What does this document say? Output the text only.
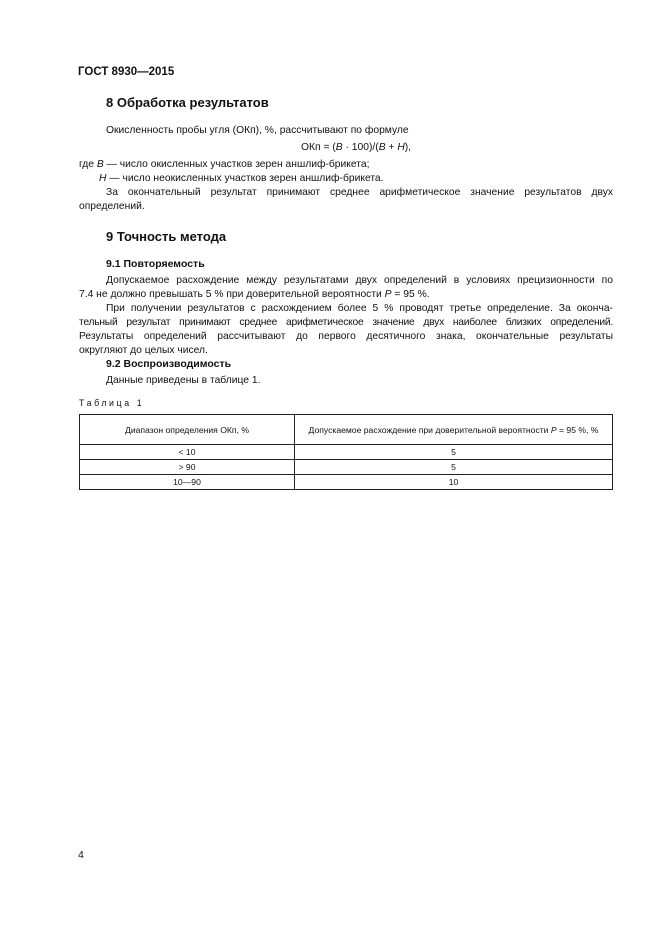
ГОСТ 8930—2015
8 Обработка результатов
Окисленность пробы угля (ОКп), %, рассчитывают по формуле
ОКп = (В · 100)/(В + Н),
где В — число окисленных участков зерен аншлиф-брикета;
Н — число неокисленных участков зерен аншлиф-брикета.
За окончательный результат принимают среднее арифметическое значение результатов двух
определений.
9 Точность метода
9.1 Повторяемость
Допускаемое расхождение между результатами двух определений в условиях прецизионности по
7.4 не должно превышать 5 % при доверительной вероятности Р = 95 %.
При получении результатов с расхождением более 5 % проводят третье определение. За оконча-
тельный результат принимают среднее арифметическое значение двух наиболее близких определений.
Результаты определений рассчитывают до первого десятичного знака, окончательные результаты
округляют до целых чисел.
9.2 Воспроизводимость
Данные приведены в таблице 1.
Таблица 1
Диапазон определения ОКп, %	Допускаемое расхождение при доверительной вероятности Р = 95 %, %
< 10	5
> 90	5
10—90	10
4
